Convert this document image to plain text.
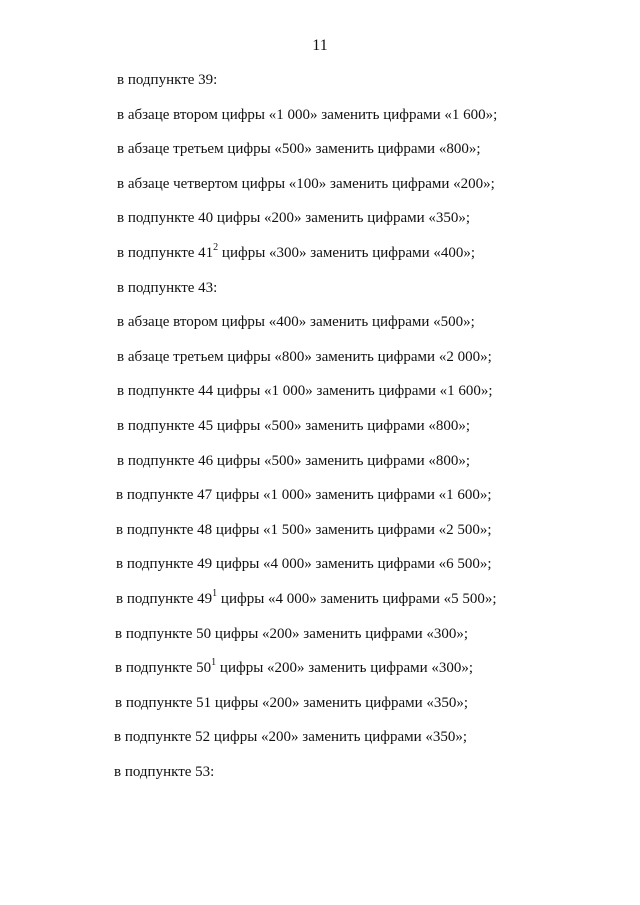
11
в подпункте 39:
в абзаце втором цифры «1 000» заменить цифрами «1 600»;
в абзаце третьем цифры «500» заменить цифрами «800»;
в абзаце четвертом цифры «100» заменить цифрами «200»;
в подпункте 40 цифры «200» заменить цифрами «350»;
в подпункте $41^2$ цифры «300» заменить цифрами «400»;
в подпункте 43:
в абзаце втором цифры «400» заменить цифрами «500»;
в абзаце третьем цифры «800» заменить цифрами «2 000»;
в подпункте 44 цифры «1 000» заменить цифрами «1 600»;
в подпункте 45 цифры «500» заменить цифрами «800»;
в подпункте 46 цифры «500» заменить цифрами «800»;
в подпункте 47 цифры «1 000» заменить цифрами «1 600»;
в подпункте 48 цифры «1 500» заменить цифрами «2 500»;
в подпункте 49 цифры «4 000» заменить цифрами «6 500»;
в подпункте $49^1$ цифры «4 000» заменить цифрами «5 500»;
в подпункте 50 цифры «200» заменить цифрами «300»;
в подпункте $50^1$ цифры «200» заменить цифрами «300»;
в подпункте 51 цифры «200» заменить цифрами «350»;
в подпункте 52 цифры «200» заменить цифрами «350»;
в подпункте 53:
